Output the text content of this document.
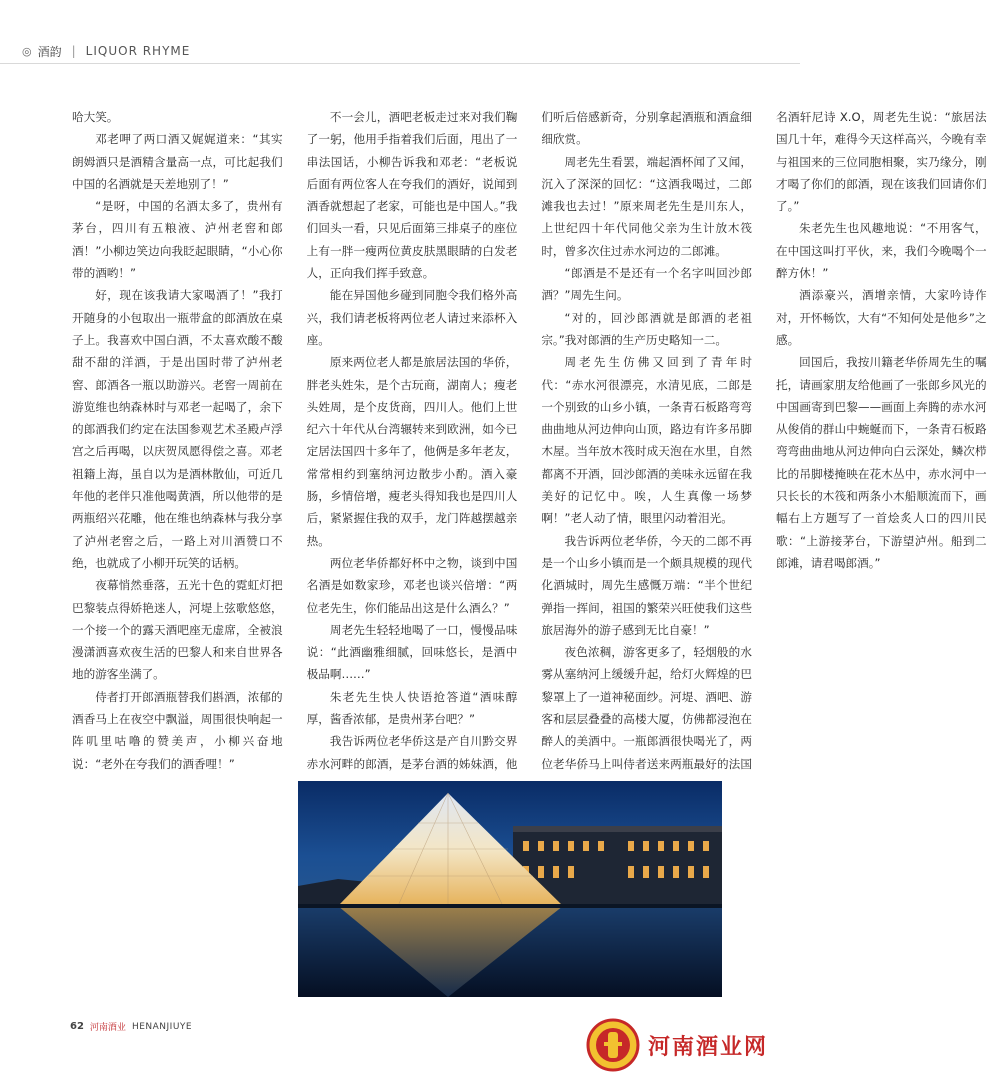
◎ 酒韵 | LIQUOR RHYME

哈大笑。

邓老呷了两口酒又娓娓道来：“其实朗姆酒只是酒精含量高一点，可比起我们中国的名酒就是天差地别了！”

“是呀，中国的名酒太多了，贵州有茅台，四川有五粮液、泸州老窖和郎酒！”小柳边笑边向我眨起眼睛，“小心你带的酒哟！”

好，现在该我请大家喝酒了！”我打开随身的小包取出一瓶带盒的郎酒放在桌子上。我喜欢中国白酒，不太喜欢酸不酸甜不甜的洋酒，于是出国时带了泸州老窖、郎酒各一瓶以助游兴。老窖一周前在游览维也纳森林时与邓老一起喝了，余下的郎酒我们约定在法国参观艺术圣殿卢浮宫之后再喝，以庆贺凤愿得偿之喜。邓老祖籍上海，虽自以为是酒林散仙，可近几年他的老伴只准他喝黄酒，所以他带的是两瓶绍兴花雕，他在维也纳森林与我分享了泸州老窖之后，一路上对川酒赞口不绝，也就成了小柳开玩笑的话柄。

夜幕悄然垂落，五光十色的霓虹灯把巴黎装点得娇艳迷人，河堤上弦歌悠悠，一个接一个的露天酒吧座无虚席，全被浪漫潇洒喜欢夜生活的巴黎人和来自世界各地的游客坐满了。

侍者打开郎酒瓶替我们斟酒，浓郁的酒香马上在夜空中飘溢，周围很快响起一阵叽里咕噜的赞美声，小柳兴奋地说：“老外在夸我们的酒香哩！”

不一会儿，酒吧老板走过来对我们鞠了一躬，他用手指着我们后面，甩出了一串法国话，小柳告诉我和邓老：“老板说后面有两位客人在夸我们的酒好，说闻到酒香就想起了老家，可能也是中国人。”我们回头一看，只见后面第三排桌子的座位上有一胖一瘦两位黄皮肤黑眼睛的白发老人，正向我们挥手致意。

能在异国他乡碰到同胞令我们格外高兴，我们请老板将两位老人请过来添杯入座。

原来两位老人都是旅居法国的华侨，胖老头姓朱，是个古玩商，湖南人；瘦老头姓周，是个皮货商，四川人。他们上世纪六十年代从台湾辗转来到欧洲，如今已定居法国四十多年了，他俩是多年老友，常常相约到塞纳河边散步小酌。酒入豪肠，乡情倍增，瘦老头得知我也是四川人后，紧紧握住我的双手，龙门阵越摆越亲热。

两位老华侨都好杯中之物，谈到中国名酒是如数家珍，邓老也谈兴倍增：“两位老先生，你们能品出这是什么酒么？”

周老先生轻轻地喝了一口，慢慢品味说：“此酒幽雅细腻，回味悠长，是酒中极品啊……”

朱老先生快人快语抢答道“酒味醇厚，酱香浓郁，是贵州茅台吧？”

我告诉两位老华侨这是产自川黔交界赤水河畔的郎酒，是茅台酒的姊妹酒，他们听后倍感新奇，分别拿起酒瓶和酒盒细细欣赏。

周老先生看罢，端起酒杯闻了又闻，沉入了深深的回忆：“这酒我喝过，二郎滩我也去过！”原来周老先生是川东人，上世纪四十年代同他父亲为生计放木筏时，曾多次住过赤水河边的二郎滩。

“郎酒是不是还有一个名字叫回沙郎酒？”周先生问。

“对的，回沙郎酒就是郎酒的老祖宗。”我对郎酒的生产历史略知一二。

周老先生仿佛又回到了青年时代：“赤水河很漂亮，水清见底，二郎是一个别致的山乡小镇，一条青石板路弯弯曲曲地从河边伸向山顶，路边有许多吊脚木屋。当年放木筏时成天泡在水里，自然都离不开酒，回沙郎酒的美味永远留在我美好的记忆中。唉，人生真像一场梦啊！”老人动了情，眼里闪动着泪光。

我告诉两位老华侨，今天的二郎不再是一个山乡小镇而是一个颇具规模的现代化酒城时，周先生感慨万端：“半个世纪弹指一挥间，祖国的繁荣兴旺使我们这些旅居海外的游子感到无比自豪！”

夜色浓稠，游客更多了，轻烟般的水雾从塞纳河上缓缓升起，给灯火辉煌的巴黎罩上了一道神秘面纱。河堤、酒吧、游客和层层叠叠的高楼大厦，仿佛都浸泡在醉人的美酒中。一瓶郎酒很快喝光了，两位老华侨马上叫侍者送来两瓶最好的法国名酒轩尼诗 X.O，周老先生说：“旅居法国几十年，难得今天这样高兴，今晚有幸与祖国来的三位同胞相聚，实乃缘分，刚才喝了你们的郎酒，现在该我们回请你们了。”

朱老先生也风趣地说：“不用客气，在中国这叫打平伙，来，我们今晚喝个一醉方休！”

酒添豪兴，酒增亲情，大家吟诗作对，开怀畅饮，大有“不知何处是他乡”之感。

回国后，我按川籍老华侨周先生的嘱托，请画家朋友给他画了一张郎乡风光的中国画寄到巴黎——画面上奔腾的赤水河从俊俏的群山中蜿蜒而下，一条青石板路弯弯曲曲地从河边伸向白云深处，鳞次栉比的吊脚楼掩映在花木丛中，赤水河中一只长长的木筏和两条小木船顺流而下，画幅右上方题写了一首烩炙人口的四川民歌：“上游接茅台，下游望泸州。船到二郎滩，请君喝郎酒。”

62 河南酒业 HENANJIUYE
河南酒业网
